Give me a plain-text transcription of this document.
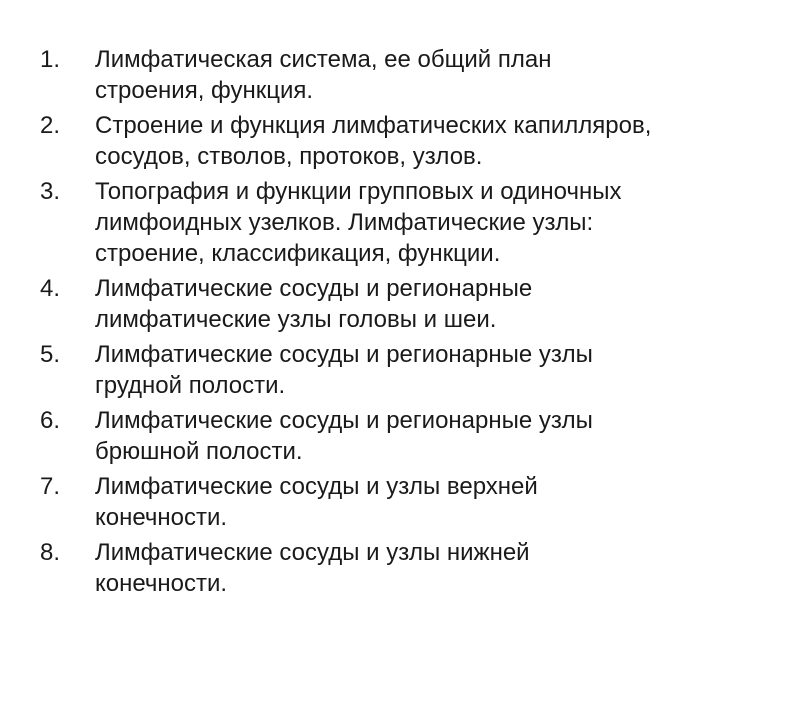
1.	Лимфатическая система, ее общий план
строения, функция.
2.	Строение и функция лимфатических капилляров,
сосудов, стволов, протоков, узлов.
3.	Топография и функции групповых и одиночных
лимфоидных узелков. Лимфатические узлы:
строение, классификация, функции.
4.	Лимфатические сосуды и регионарные
лимфатические узлы головы и шеи.
5.	Лимфатические сосуды и регионарные узлы
грудной полости.
6.	Лимфатические сосуды и регионарные узлы
брюшной полости.
7.	Лимфатические сосуды и узлы верхней
конечности.
8.	Лимфатические сосуды и узлы нижней
конечности.
